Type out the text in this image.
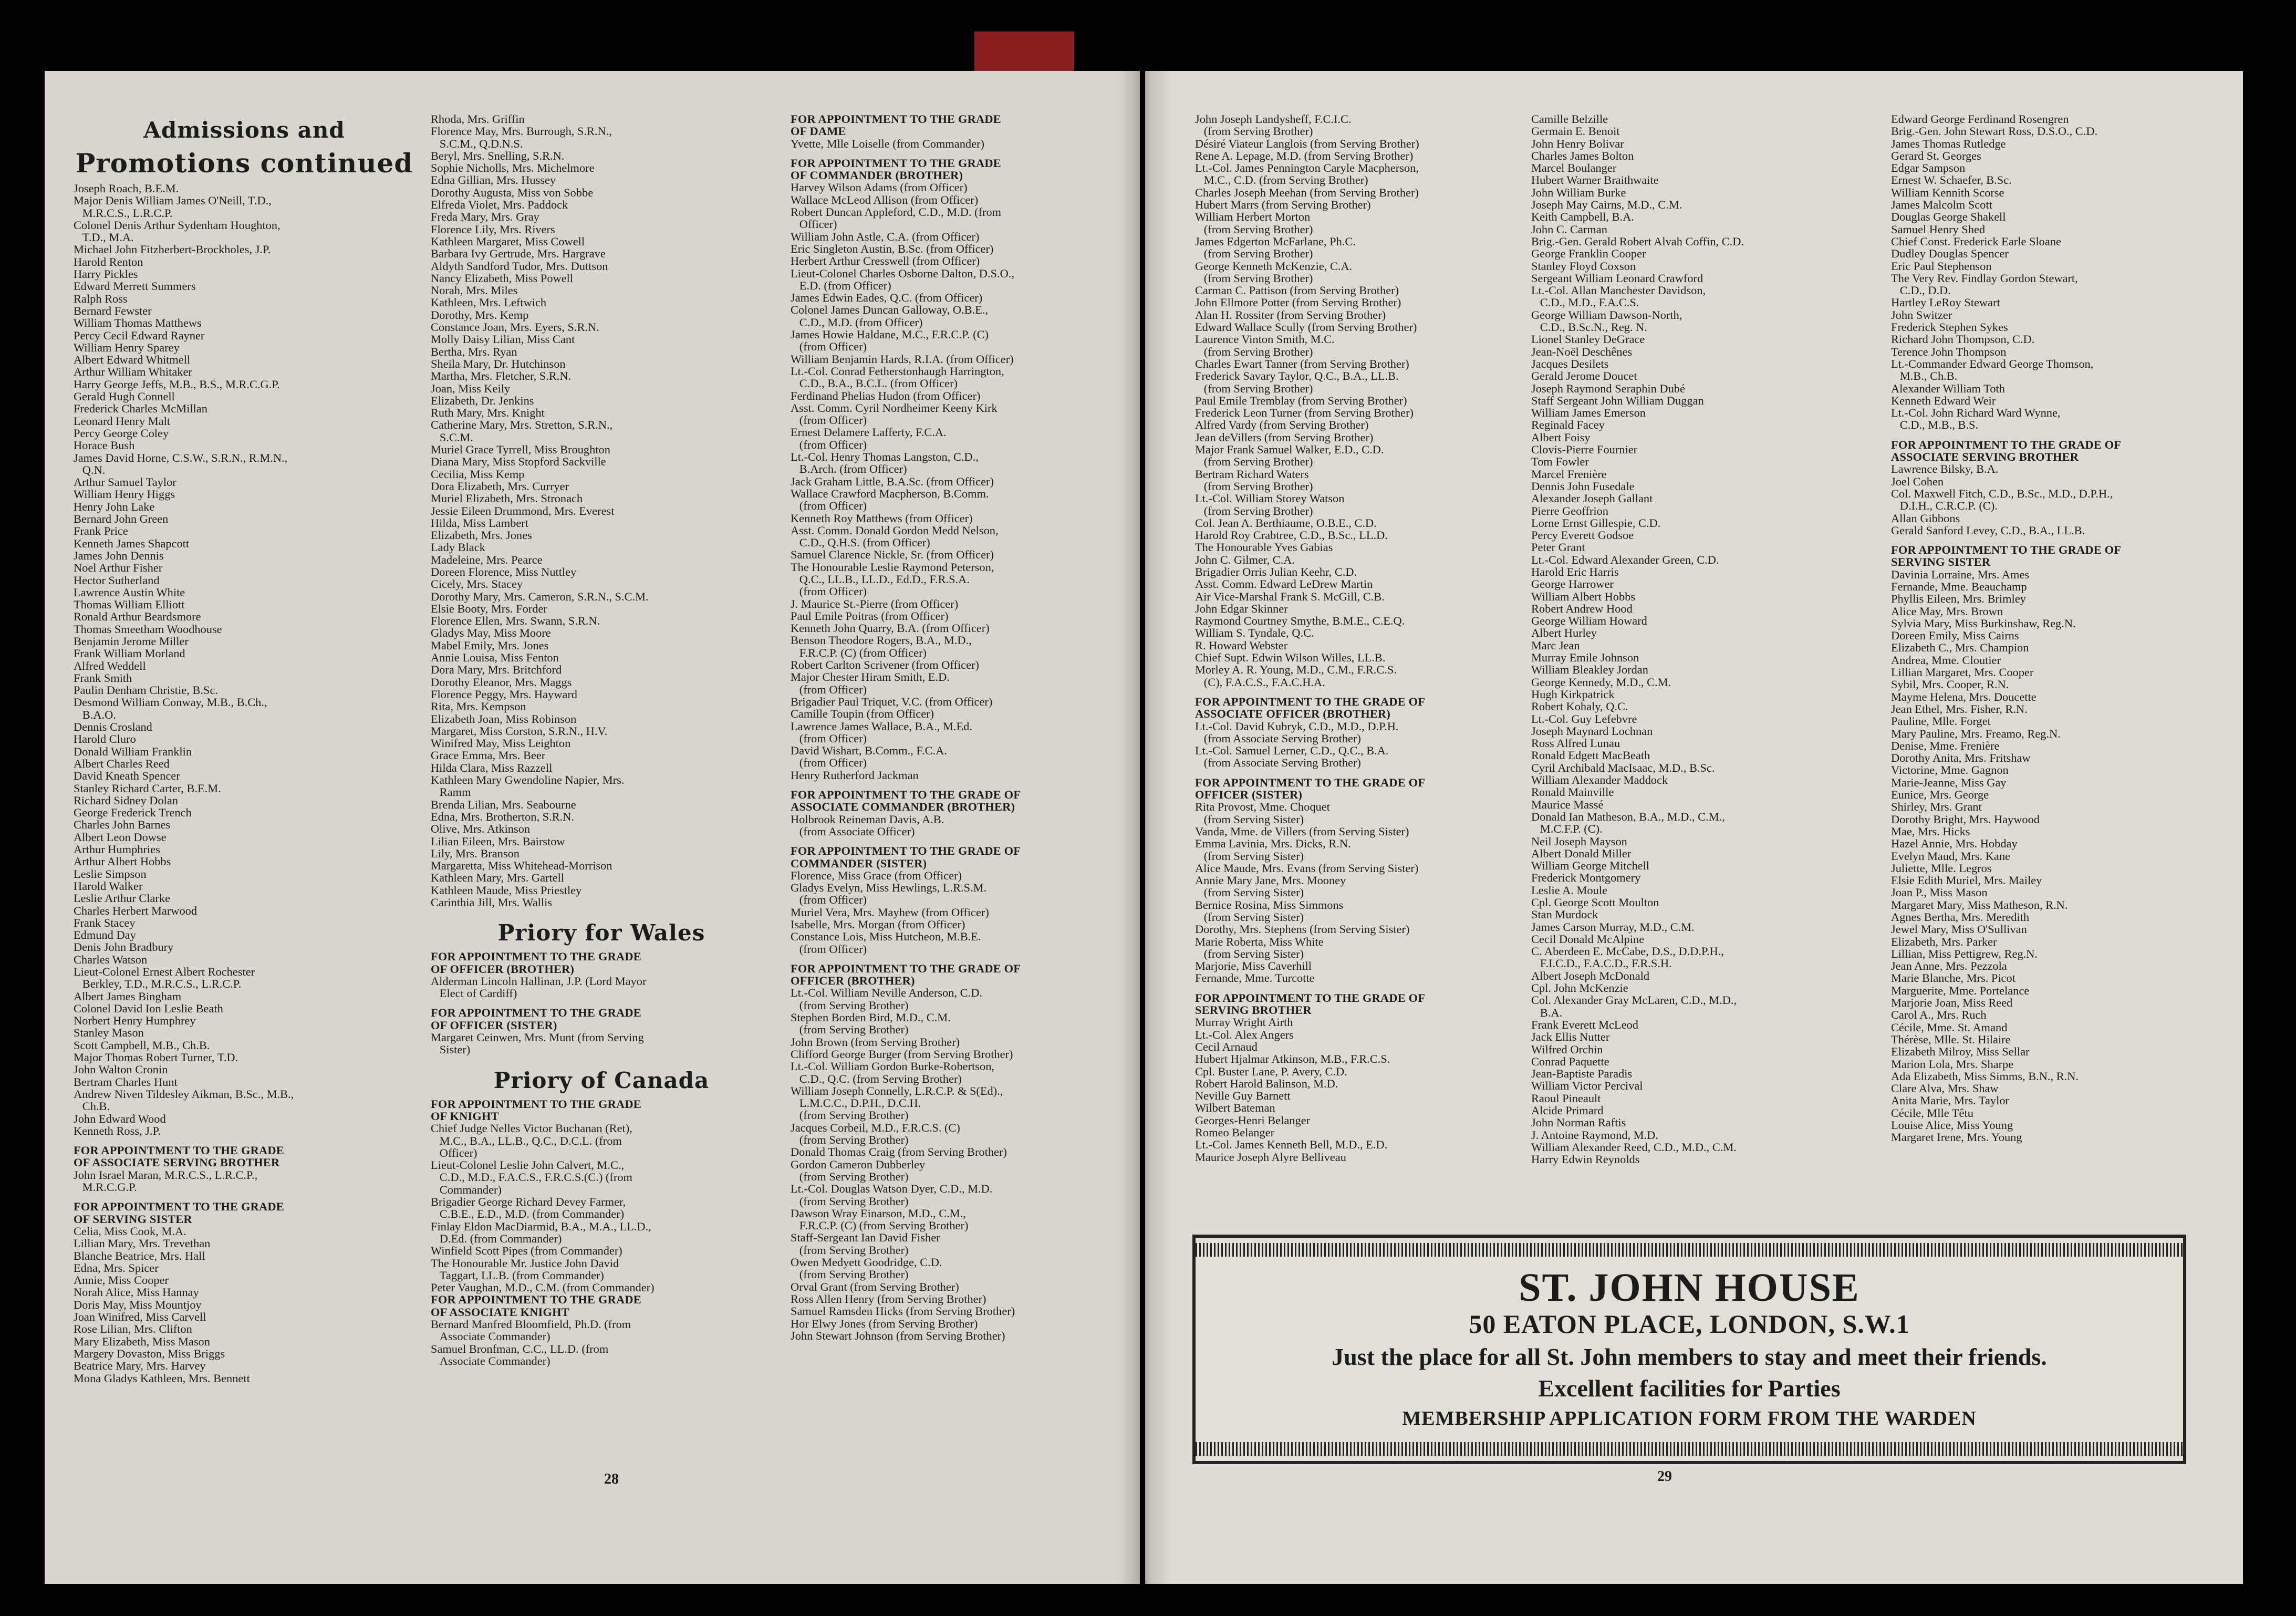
Admissions and
Promotions continued
Joseph Roach, B.E.M.
Major Denis William James O'Neill, T.D.,
M.R.C.S., L.R.C.P.
Colonel Denis Arthur Sydenham Houghton,
T.D., M.A.
Michael John Fitzherbert-Brockholes, J.P.
Harold Renton
Harry Pickles
Edward Merrett Summers
Ralph Ross
Bernard Fewster
William Thomas Matthews
Percy Cecil Edward Rayner
William Henry Sparey
Albert Edward Whitmell
Arthur William Whitaker
Harry George Jeffs, M.B., B.S., M.R.C.G.P.
Gerald Hugh Connell
Frederick Charles McMillan
Leonard Henry Malt
Percy George Coley
Horace Bush
James David Horne, C.S.W., S.R.N., R.M.N.,
Q.N.
Arthur Samuel Taylor
William Henry Higgs
Henry John Lake
Bernard John Green
Frank Price
Kenneth James Shapcott
James John Dennis
Noel Arthur Fisher
Hector Sutherland
Lawrence Austin White
Thomas William Elliott
Ronald Arthur Beardsmore
Thomas Smeetham Woodhouse
Benjamin Jerome Miller
Frank William Morland
Alfred Weddell
Frank Smith
Paulin Denham Christie, B.Sc.
Desmond William Conway, M.B., B.Ch.,
B.A.O.
Dennis Crosland
Harold Cluro
Donald William Franklin
Albert Charles Reed
David Kneath Spencer
Stanley Richard Carter, B.E.M.
Richard Sidney Dolan
George Frederick Trench
Charles John Barnes
Albert Leon Dowse
Arthur Humphries
Arthur Albert Hobbs
Leslie Simpson
Harold Walker
Leslie Arthur Clarke
Charles Herbert Marwood
Frank Stacey
Edmund Day
Denis John Bradbury
Charles Watson
Lieut-Colonel Ernest Albert Rochester
Berkley, T.D., M.R.C.S., L.R.C.P.
Albert James Bingham
Colonel David Ion Leslie Beath
Norbert Henry Humphrey
Stanley Mason
Scott Campbell, M.B., Ch.B.
Major Thomas Robert Turner, T.D.
John Walton Cronin
Bertram Charles Hunt
Andrew Niven Tildesley Aikman, B.Sc., M.B.,
Ch.B.
John Edward Wood
Kenneth Ross, J.P.
FOR APPOINTMENT TO THE GRADE
OF ASSOCIATE SERVING BROTHER
John Israel Maran, M.R.C.S., L.R.C.P.,
M.R.C.G.P.
FOR APPOINTMENT TO THE GRADE
OF SERVING SISTER
Celia, Miss Cook, M.A.
Lillian Mary, Mrs. Trevethan
Blanche Beatrice, Mrs. Hall
Edna, Mrs. Spicer
Annie, Miss Cooper
Norah Alice, Miss Hannay
Doris May, Miss Mountjoy
Joan Winifred, Miss Carvell
Rose Lilian, Mrs. Clifton
Mary Elizabeth, Miss Mason
Margery Dovaston, Miss Briggs
Beatrice Mary, Mrs. Harvey
Mona Gladys Kathleen, Mrs. Bennett
Rhoda, Mrs. Griffin
Florence May, Mrs. Burrough, S.R.N.,
S.C.M., Q.D.N.S.
Beryl, Mrs. Snelling, S.R.N.
Sophie Nicholls, Mrs. Michelmore
Edna Gillian, Mrs. Hussey
Dorothy Augusta, Miss von Sobbe
Elfreda Violet, Mrs. Paddock
Freda Mary, Mrs. Gray
Florence Lily, Mrs. Rivers
Kathleen Margaret, Miss Cowell
Barbara Ivy Gertrude, Mrs. Hargrave
Aldyth Sandford Tudor, Mrs. Duttson
Nancy Elizabeth, Miss Powell
Norah, Mrs. Miles
Kathleen, Mrs. Leftwich
Dorothy, Mrs. Kemp
Constance Joan, Mrs. Eyers, S.R.N.
Molly Daisy Lilian, Miss Cant
Bertha, Mrs. Ryan
Sheila Mary, Dr. Hutchinson
Martha, Mrs. Fletcher, S.R.N.
Joan, Miss Keily
Elizabeth, Dr. Jenkins
Ruth Mary, Mrs. Knight
Catherine Mary, Mrs. Stretton, S.R.N.,
S.C.M.
Muriel Grace Tyrrell, Miss Broughton
Diana Mary, Miss Stopford Sackville
Cecilia, Miss Kemp
Dora Elizabeth, Mrs. Curryer
Muriel Elizabeth, Mrs. Stronach
Jessie Eileen Drummond, Mrs. Everest
Hilda, Miss Lambert
Elizabeth, Mrs. Jones
Lady Black
Madeleine, Mrs. Pearce
Doreen Florence, Miss Nuttley
Cicely, Mrs. Stacey
Dorothy Mary, Mrs. Cameron, S.R.N., S.C.M.
Elsie Booty, Mrs. Forder
Florence Ellen, Mrs. Swann, S.R.N.
Gladys May, Miss Moore
Mabel Emily, Mrs. Jones
Annie Louisa, Miss Fenton
Dora Mary, Mrs. Britchford
Dorothy Eleanor, Mrs. Maggs
Florence Peggy, Mrs. Hayward
Rita, Mrs. Kempson
Elizabeth Joan, Miss Robinson
Margaret, Miss Corston, S.R.N., H.V.
Winifred May, Miss Leighton
Grace Emma, Mrs. Beer
Hilda Clara, Miss Razzell
Kathleen Mary Gwendoline Napier, Mrs.
Ramm
Brenda Lilian, Mrs. Seabourne
Edna, Mrs. Brotherton, S.R.N.
Olive, Mrs. Atkinson
Lilian Eileen, Mrs. Bairstow
Lily, Mrs. Branson
Margaretta, Miss Whitehead-Morrison
Kathleen Mary, Mrs. Gartell
Kathleen Maude, Miss Priestley
Carinthia Jill, Mrs. Wallis
Priory for Wales
FOR APPOINTMENT TO THE GRADE
OF OFFICER (BROTHER)
Alderman Lincoln Hallinan, J.P. (Lord Mayor
Elect of Cardiff)
FOR APPOINTMENT TO THE GRADE
OF OFFICER (SISTER)
Margaret Ceinwen, Mrs. Munt (from Serving
Sister)
Priory of Canada
FOR APPOINTMENT TO THE GRADE
OF KNIGHT
Chief Judge Nelles Victor Buchanan (Ret),
M.C., B.A., LL.B., Q.C., D.C.L. (from
Officer)
Lieut-Colonel Leslie John Calvert, M.C.,
C.D., M.D., F.A.C.S., F.R.C.S.(C.) (from
Commander)
Brigadier George Richard Devey Farmer,
C.B.E., E.D., M.D. (from Commander)
Finlay Eldon MacDiarmid, B.A., M.A., LL.D.,
D.Ed. (from Commander)
Winfield Scott Pipes (from Commander)
The Honourable Mr. Justice John David
Taggart, LL.B. (from Commander)
Peter Vaughan, M.D., C.M. (from Commander)
FOR APPOINTMENT TO THE GRADE
OF ASSOCIATE KNIGHT
Bernard Manfred Bloomfield, Ph.D. (from
Associate Commander)
Samuel Bronfman, C.C., LL.D. (from
Associate Commander)
FOR APPOINTMENT TO THE GRADE
OF DAME
Yvette, Mlle Loiselle (from Commander)
FOR APPOINTMENT TO THE GRADE
OF COMMANDER (BROTHER)
Harvey Wilson Adams (from Officer)
Wallace McLeod Allison (from Officer)
Robert Duncan Appleford, C.D., M.D. (from
Officer)
William John Astle, C.A. (from Officer)
Eric Singleton Austin, B.Sc. (from Officer)
Herbert Arthur Cresswell (from Officer)
Lieut-Colonel Charles Osborne Dalton, D.S.O.,
E.D. (from Officer)
James Edwin Eades, Q.C. (from Officer)
Colonel James Duncan Galloway, O.B.E.,
C.D., M.D. (from Officer)
James Howie Haldane, M.C., F.R.C.P. (C)
(from Officer)
William Benjamin Hards, R.I.A. (from Officer)
Lt.-Col. Conrad Fetherstonhaugh Harrington,
C.D., B.A., B.C.L. (from Officer)
Ferdinand Phelias Hudon (from Officer)
Asst. Comm. Cyril Nordheimer Keeny Kirk
(from Officer)
Ernest Delamere Lafferty, F.C.A.
(from Officer)
Lt.-Col. Henry Thomas Langston, C.D.,
B.Arch. (from Officer)
Jack Graham Little, B.A.Sc. (from Officer)
Wallace Crawford Macpherson, B.Comm.
(from Officer)
Kenneth Roy Matthews (from Officer)
Asst. Comm. Donald Gordon Medd Nelson,
C.D., Q.H.S. (from Officer)
Samuel Clarence Nickle, Sr. (from Officer)
The Honourable Leslie Raymond Peterson,
Q.C., LL.B., LL.D., Ed.D., F.R.S.A.
(from Officer)
J. Maurice St.-Pierre (from Officer)
Paul Emile Poitras (from Officer)
Kenneth John Quarry, B.A. (from Officer)
Benson Theodore Rogers, B.A., M.D.,
F.R.C.P. (C) (from Officer)
Robert Carlton Scrivener (from Officer)
Major Chester Hiram Smith, E.D.
(from Officer)
Brigadier Paul Triquet, V.C. (from Officer)
Camille Toupin (from Officer)
Lawrence James Wallace, B.A., M.Ed.
(from Officer)
David Wishart, B.Comm., F.C.A.
(from Officer)
Henry Rutherford Jackman
FOR APPOINTMENT TO THE GRADE OF
ASSOCIATE COMMANDER (BROTHER)
Holbrook Reineman Davis, A.B.
(from Associate Officer)
FOR APPOINTMENT TO THE GRADE OF
COMMANDER (SISTER)
Florence, Miss Grace (from Officer)
Gladys Evelyn, Miss Hewlings, L.R.S.M.
(from Officer)
Muriel Vera, Mrs. Mayhew (from Officer)
Isabelle, Mrs. Morgan (from Officer)
Constance Lois, Miss Hutcheon, M.B.E.
(from Officer)
FOR APPOINTMENT TO THE GRADE OF
OFFICER (BROTHER)
Lt.-Col. William Neville Anderson, C.D.
(from Serving Brother)
Stephen Borden Bird, M.D., C.M.
(from Serving Brother)
John Brown (from Serving Brother)
Clifford George Burger (from Serving Brother)
Lt.-Col. William Gordon Burke-Robertson,
C.D., Q.C. (from Serving Brother)
William Joseph Connelly, L.R.C.P. & S(Ed).,
L.M.C.C., D.P.H., D.C.H.
(from Serving Brother)
Jacques Corbeil, M.D., F.R.C.S. (C)
(from Serving Brother)
Donald Thomas Craig (from Serving Brother)
Gordon Cameron Dubberley
(from Serving Brother)
Lt.-Col. Douglas Watson Dyer, C.D., M.D.
(from Serving Brother)
Dawson Wray Einarson, M.D., C.M.,
F.R.C.P. (C) (from Serving Brother)
Staff-Sergeant Ian David Fisher
(from Serving Brother)
Owen Medyett Goodridge, C.D.
(from Serving Brother)
Orval Grant (from Serving Brother)
Ross Allen Henry (from Serving Brother)
Samuel Ramsden Hicks (from Serving Brother)
Hor Elwy Jones (from Serving Brother)
John Stewart Johnson (from Serving Brother)
28
John Joseph Landysheff, F.C.I.C.
(from Serving Brother)
Désiré Viateur Langlois (from Serving Brother)
Rene A. Lepage, M.D. (from Serving Brother)
Lt.-Col. James Pennington Caryle Macpherson,
M.C., C.D. (from Serving Brother)
Charles Joseph Meehan (from Serving Brother)
Hubert Marrs (from Serving Brother)
William Herbert Morton
(from Serving Brother)
James Edgerton McFarlane, Ph.C.
(from Serving Brother)
George Kenneth McKenzie, C.A.
(from Serving Brother)
Carman C. Pattison (from Serving Brother)
John Ellmore Potter (from Serving Brother)
Alan H. Rossiter (from Serving Brother)
Edward Wallace Scully (from Serving Brother)
Laurence Vinton Smith, M.C.
(from Serving Brother)
Charles Ewart Tanner (from Serving Brother)
Frederick Savary Taylor, Q.C., B.A., LL.B.
(from Serving Brother)
Paul Emile Tremblay (from Serving Brother)
Frederick Leon Turner (from Serving Brother)
Alfred Vardy (from Serving Brother)
Jean deVillers (from Serving Brother)
Major Frank Samuel Walker, E.D., C.D.
(from Serving Brother)
Bertram Richard Waters
(from Serving Brother)
Lt.-Col. William Storey Watson
(from Serving Brother)
Col. Jean A. Berthiaume, O.B.E., C.D.
Harold Roy Crabtree, C.D., B.Sc., LL.D.
The Honourable Yves Gabias
John C. Gilmer, C.A.
Brigadier Orris Julian Keehr, C.D.
Asst. Comm. Edward LeDrew Martin
Air Vice-Marshal Frank S. McGill, C.B.
John Edgar Skinner
Raymond Courtney Smythe, B.M.E., C.E.Q.
William S. Tyndale, Q.C.
R. Howard Webster
Chief Supt. Edwin Wilson Willes, LL.B.
Morley A. R. Young, M.D., C.M., F.R.C.S.
(C), F.A.C.S., F.A.C.H.A.
FOR APPOINTMENT TO THE GRADE OF
ASSOCIATE OFFICER (BROTHER)
Lt.-Col. David Kubryk, C.D., M.D., D.P.H.
(from Associate Serving Brother)
Lt.-Col. Samuel Lerner, C.D., Q.C., B.A.
(from Associate Serving Brother)
FOR APPOINTMENT TO THE GRADE OF
OFFICER (SISTER)
Rita Provost, Mme. Choquet
(from Serving Sister)
Vanda, Mme. de Villers (from Serving Sister)
Emma Lavinia, Mrs. Dicks, R.N.
(from Serving Sister)
Alice Maude, Mrs. Evans (from Serving Sister)
Annie Mary Jane, Mrs. Mooney
(from Serving Sister)
Bernice Rosina, Miss Simmons
(from Serving Sister)
Dorothy, Mrs. Stephens (from Serving Sister)
Marie Roberta, Miss White
(from Serving Sister)
Marjorie, Miss Caverhill
Fernande, Mme. Turcotte
FOR APPOINTMENT TO THE GRADE OF
SERVING BROTHER
Murray Wright Airth
Lt.-Col. Alex Angers
Cecil Arnaud
Hubert Hjalmar Atkinson, M.B., F.R.C.S.
Cpl. Buster Lane, P. Avery, C.D.
Robert Harold Balinson, M.D.
Neville Guy Barnett
Wilbert Bateman
Georges-Henri Belanger
Romeo Belanger
Lt.-Col. James Kenneth Bell, M.D., E.D.
Maurice Joseph Alyre Belliveau
Camille Belzille
Germain E. Benoit
John Henry Bolivar
Charles James Bolton
Marcel Boulanger
Hubert Warner Braithwaite
John William Burke
Joseph May Cairns, M.D., C.M.
Keith Campbell, B.A.
John C. Carman
Brig.-Gen. Gerald Robert Alvah Coffin, C.D.
George Franklin Cooper
Stanley Floyd Coxson
Sergeant William Leonard Crawford
Lt.-Col. Allan Manchester Davidson,
C.D., M.D., F.A.C.S.
George William Dawson-North,
C.D., B.Sc.N., Reg. N.
Lionel Stanley DeGrace
Jean-Noël Deschênes
Jacques Desilets
Gerald Jerome Doucet
Joseph Raymond Seraphin Dubé
Staff Sergeant John William Duggan
William James Emerson
Reginald Facey
Albert Foisy
Clovis-Pierre Fournier
Tom Fowler
Marcel Frenière
Dennis John Fusedale
Alexander Joseph Gallant
Pierre Geoffrion
Lorne Ernst Gillespie, C.D.
Percy Everett Godsoe
Peter Grant
Lt.-Col. Edward Alexander Green, C.D.
Harold Eric Harris
George Harrower
William Albert Hobbs
Robert Andrew Hood
George William Howard
Albert Hurley
Marc Jean
Murray Emile Johnson
William Bleakley Jordan
George Kennedy, M.D., C.M.
Hugh Kirkpatrick
Robert Kohaly, Q.C.
Lt.-Col. Guy Lefebvre
Joseph Maynard Lochnan
Ross Alfred Lunau
Ronald Edgett MacBeath
Cyril Archibald MacIsaac, M.D., B.Sc.
William Alexander Maddock
Ronald Mainville
Maurice Massé
Donald Ian Matheson, B.A., M.D., C.M.,
M.C.F.P. (C).
Neil Joseph Mayson
Albert Donald Miller
William George Mitchell
Frederick Montgomery
Leslie A. Moule
Cpl. George Scott Moulton
Stan Murdock
James Carson Murray, M.D., C.M.
Cecil Donald McAlpine
C. Aberdeen E. McCabe, D.S., D.D.P.H.,
F.I.C.D., F.A.C.D., F.R.S.H.
Albert Joseph McDonald
Cpl. John McKenzie
Col. Alexander Gray McLaren, C.D., M.D.,
B.A.
Frank Everett McLeod
Jack Ellis Nutter
Wilfred Orchin
Conrad Paquette
Jean-Baptiste Paradis
William Victor Percival
Raoul Pineault
Alcide Primard
John Norman Raftis
J. Antoine Raymond, M.D.
William Alexander Reed, C.D., M.D., C.M.
Harry Edwin Reynolds
Edward George Ferdinand Rosengren
Brig.-Gen. John Stewart Ross, D.S.O., C.D.
James Thomas Rutledge
Gerard St. Georges
Edgar Sampson
Ernest W. Schaefer, B.Sc.
William Kennith Scorse
James Malcolm Scott
Douglas George Shakell
Samuel Henry Shed
Chief Const. Frederick Earle Sloane
Dudley Douglas Spencer
Eric Paul Stephenson
The Very Rev. Findlay Gordon Stewart,
C.D., D.D.
Hartley LeRoy Stewart
John Switzer
Frederick Stephen Sykes
Richard John Thompson, C.D.
Terence John Thompson
Lt.-Commander Edward George Thomson,
M.B., Ch.B.
Alexander William Toth
Kenneth Edward Weir
Lt.-Col. John Richard Ward Wynne,
C.D., M.B., B.S.
FOR APPOINTMENT TO THE GRADE OF
ASSOCIATE SERVING BROTHER
Lawrence Bilsky, B.A.
Joel Cohen
Col. Maxwell Fitch, C.D., B.Sc., M.D., D.P.H.,
D.I.H., C.R.C.P. (C).
Allan Gibbons
Gerald Sanford Levey, C.D., B.A., LL.B.
FOR APPOINTMENT TO THE GRADE OF
SERVING SISTER
Davinia Lorraine, Mrs. Ames
Fernande, Mme. Beauchamp
Phyllis Eileen, Mrs. Brimley
Alice May, Mrs. Brown
Sylvia Mary, Miss Burkinshaw, Reg.N.
Doreen Emily, Miss Cairns
Elizabeth C., Mrs. Champion
Andrea, Mme. Cloutier
Lillian Margaret, Mrs. Cooper
Sybil, Mrs. Cooper, R.N.
Mayme Helena, Mrs. Doucette
Jean Ethel, Mrs. Fisher, R.N.
Pauline, Mlle. Forget
Mary Pauline, Mrs. Freamo, Reg.N.
Denise, Mme. Frenière
Dorothy Anita, Mrs. Fritshaw
Victorine, Mme. Gagnon
Marie-Jeanne, Miss Gay
Eunice, Mrs. George
Shirley, Mrs. Grant
Dorothy Bright, Mrs. Haywood
Mae, Mrs. Hicks
Hazel Annie, Mrs. Hobday
Evelyn Maud, Mrs. Kane
Juliette, Mlle. Legros
Elsie Edith Muriel, Mrs. Mailey
Joan P., Miss Mason
Margaret Mary, Miss Matheson, R.N.
Agnes Bertha, Mrs. Meredith
Jewel Mary, Miss O'Sullivan
Elizabeth, Mrs. Parker
Lillian, Miss Pettigrew, Reg.N.
Jean Anne, Mrs. Pezzola
Marie Blanche, Mrs. Picot
Marguerite, Mme. Portelance
Marjorie Joan, Miss Reed
Carol A., Mrs. Ruch
Cécile, Mme. St. Amand
Thérèse, Mlle. St. Hilaire
Elizabeth Milroy, Miss Sellar
Marion Lola, Mrs. Sharpe
Ada Elizabeth, Miss Simms, B.N., R.N.
Clare Alva, Mrs. Shaw
Anita Marie, Mrs. Taylor
Cécile, Mlle Têtu
Louise Alice, Miss Young
Margaret Irene, Mrs. Young
29
ST. JOHN HOUSE
50 EATON PLACE, LONDON, S.W.1
Just the place for all St. John members to stay and meet their friends.
Excellent facilities for Parties
MEMBERSHIP APPLICATION FORM FROM THE WARDEN
